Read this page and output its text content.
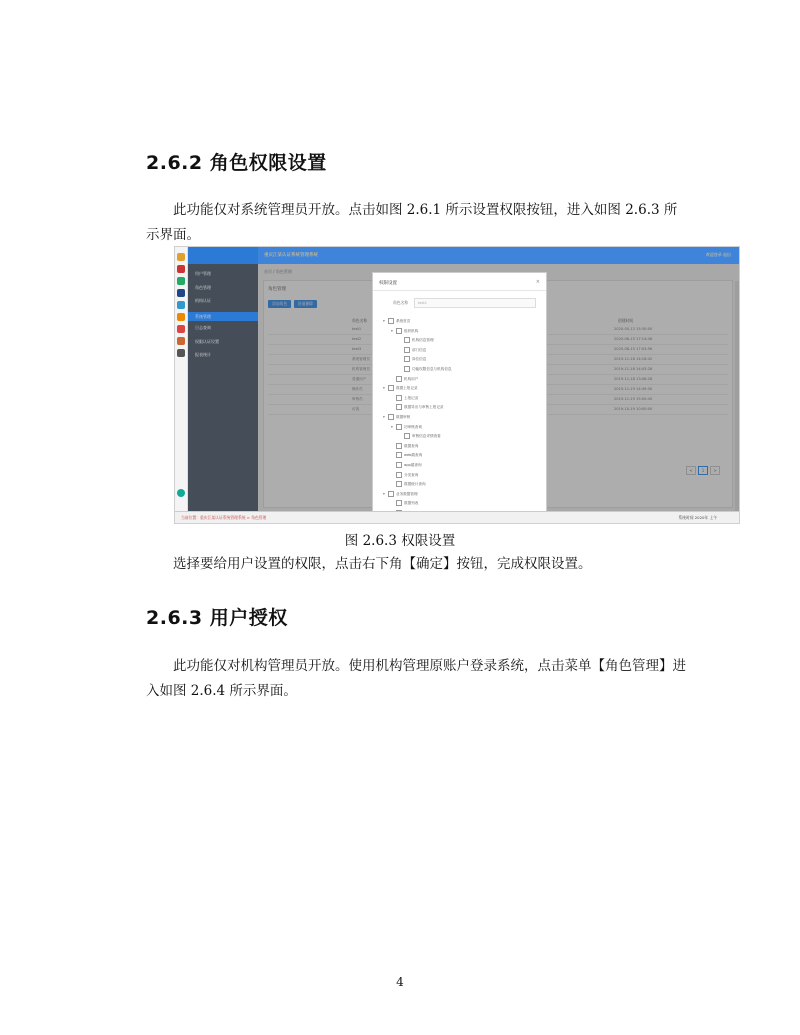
2.6.2 角色权限设置
此功能仅对系统管理员开放。点击如图 2.6.1 所示设置权限按钮，进入如图 2.6.3 所示界面。
用户管理
角色管理
机构认证
系统管理
日志查询
权限认证设置
报表统计
重庆江某认证系统管理系统	欢迎登录 退出
首页 / 角色管理
角色管理
添加角色	批量删除
角色名称	创建时间
test1	2020-05-12 15:30:00
test2	2020-06-15 17:14:46
test3	2020-06-15 17:03:56
系统管理员	2019-11-18 14:18:42
机构管理员	2019-11-18 14:43:26
普通用户	2019-11-18 13:48:28
操作员	2019-11-19 14:49:30
审核员	2019-11-19 15:00:40
访客	2019-10-19 10:00:00
< 1 >
权限设置	×
角色名称	test1
▾	系统首页
▾	组织机构
机构信息管理
部门信息
岗位信息
功能权限信息与机构信息
机构用户
▾	数据上报记录
上报记录
数据导出与审核上报记录
▾	数据审核
▾	初审核查询
审核信息详情查看
数据查询
web端查询
app端查询
分类查询
数据统计查询
▾	业务数据管理
数据列表
当前位置：重庆江某认证系统管理系统 > 角色管理	系统时间 2020年 上午
图 2.6.3 权限设置
选择要给用户设置的权限，点击右下角【确定】按钮，完成权限设置。
2.6.3 用户授权
此功能仅对机构管理员开放。使用机构管理原账户登录系统，点击菜单【角色管理】进入如图 2.6.4 所示界面。
4
